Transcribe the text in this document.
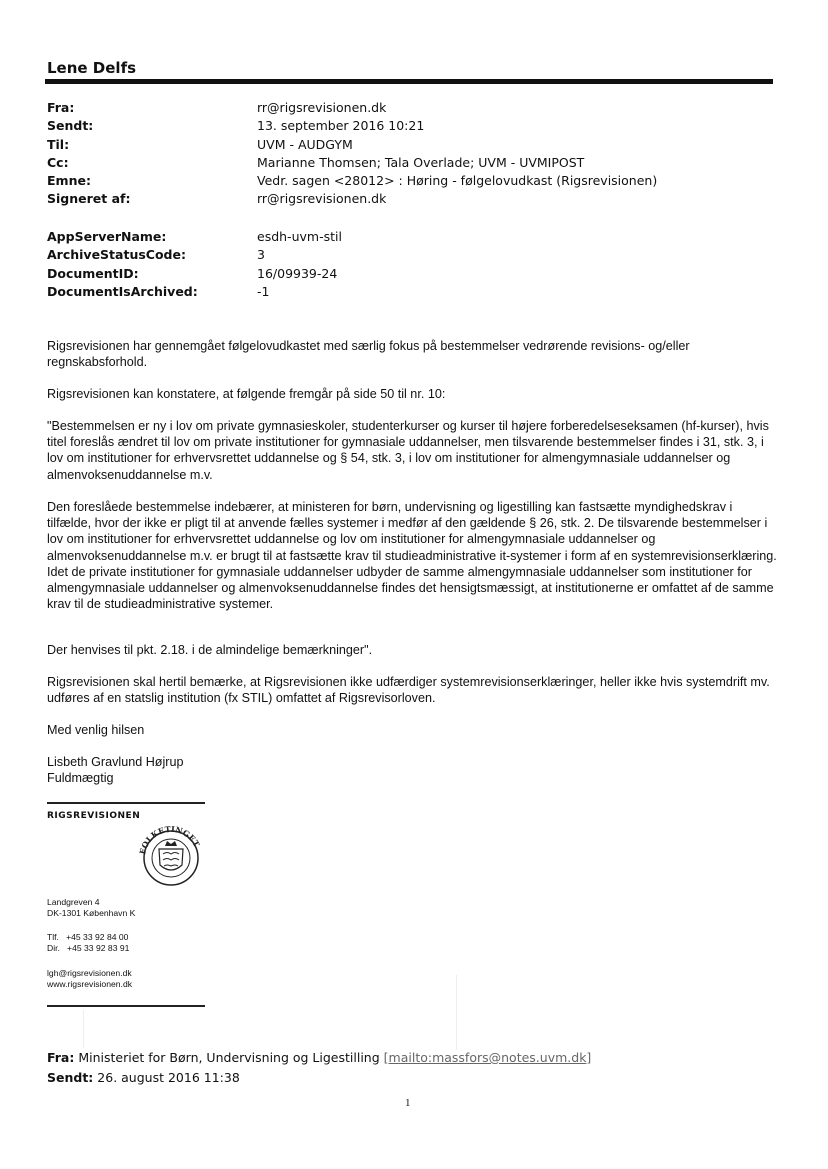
Lene Delfs
Fra:	rr@rigsrevisionen.dk
Sendt:	13. september 2016 10:21
Til:	UVM - AUDGYM
Cc:	Marianne Thomsen; Tala Overlade; UVM - UVMIPOST
Emne:	Vedr. sagen <28012> : Høring - følgelovudkast (Rigsrevisionen)
Signeret af:	rr@rigsrevisionen.dk
AppServerName:	esdh-uvm-stil
ArchiveStatusCode:	3
DocumentID:	16/09939-24
DocumentIsArchived:	-1

Rigsrevisionen har gennemgået følgelovudkastet med særlig fokus på bestemmelser vedrørende revisions- og/eller regnskabsforhold.

Rigsrevisionen kan konstatere, at følgende fremgår på side 50 til nr. 10:

"Bestemmelsen er ny i lov om private gymnasieskoler, studenterkurser og kurser til højere forberedelseseksamen (hf-kurser), hvis titel foreslås ændret til lov om private institutioner for gymnasiale uddannelser, men tilsvarende bestemmelser findes i 31, stk. 3, i lov om institutioner for erhvervsrettet uddannelse og § 54, stk. 3, i lov om institutioner for almengymnasiale uddannelser og almenvoksenuddannelse m.v.

Den foreslåede bestemmelse indebærer, at ministeren for børn, undervisning og ligestilling kan fastsætte myndighedskrav i tilfælde, hvor der ikke er pligt til at anvende fælles systemer i medfør af den gældende § 26, stk. 2. De tilsvarende bestemmelser i lov om institutioner for erhvervsrettet uddannelse og lov om institutioner for almengymnasiale uddannelser og almenvoksenuddannelse m.v. er brugt til at fastsætte krav til studieadministrative it-systemer i form af en systemrevisionserklæring. Idet de private institutioner for gymnasiale uddannelser udbyder de samme almengymnasiale uddannelser som institutioner for almengymnasiale uddannelser og almenvoksenuddannelse findes det hensigtsmæssigt, at institutionerne er omfattet af de samme krav til de studieadministrative systemer.

Der henvises til pkt. 2.18. i de almindelige bemærkninger".

Rigsrevisionen skal hertil bemærke, at Rigsrevisionen ikke udfærdiger systemrevisionserklæringer, heller ikke hvis systemdrift mv. udføres af en statslig institution (fx STIL) omfattet af Rigsrevisorloven.

Med venlig hilsen

Lisbeth Gravlund Højrup

Fuldmægtig

RIGSREVISIONEN
FOLKETINGET
Landgreven 4
DK-1301 København K
Tlf.   +45 33 92 84 00
Dir.   +45 33 92 83 91
lgh@rigsrevisionen.dk
www.rigsrevisionen.dk
Fra: Ministeriet for Børn, Undervisning og Ligestilling [mailto:massfors@notes.uvm.dk]
Sendt: 26. august 2016 11:38
1
